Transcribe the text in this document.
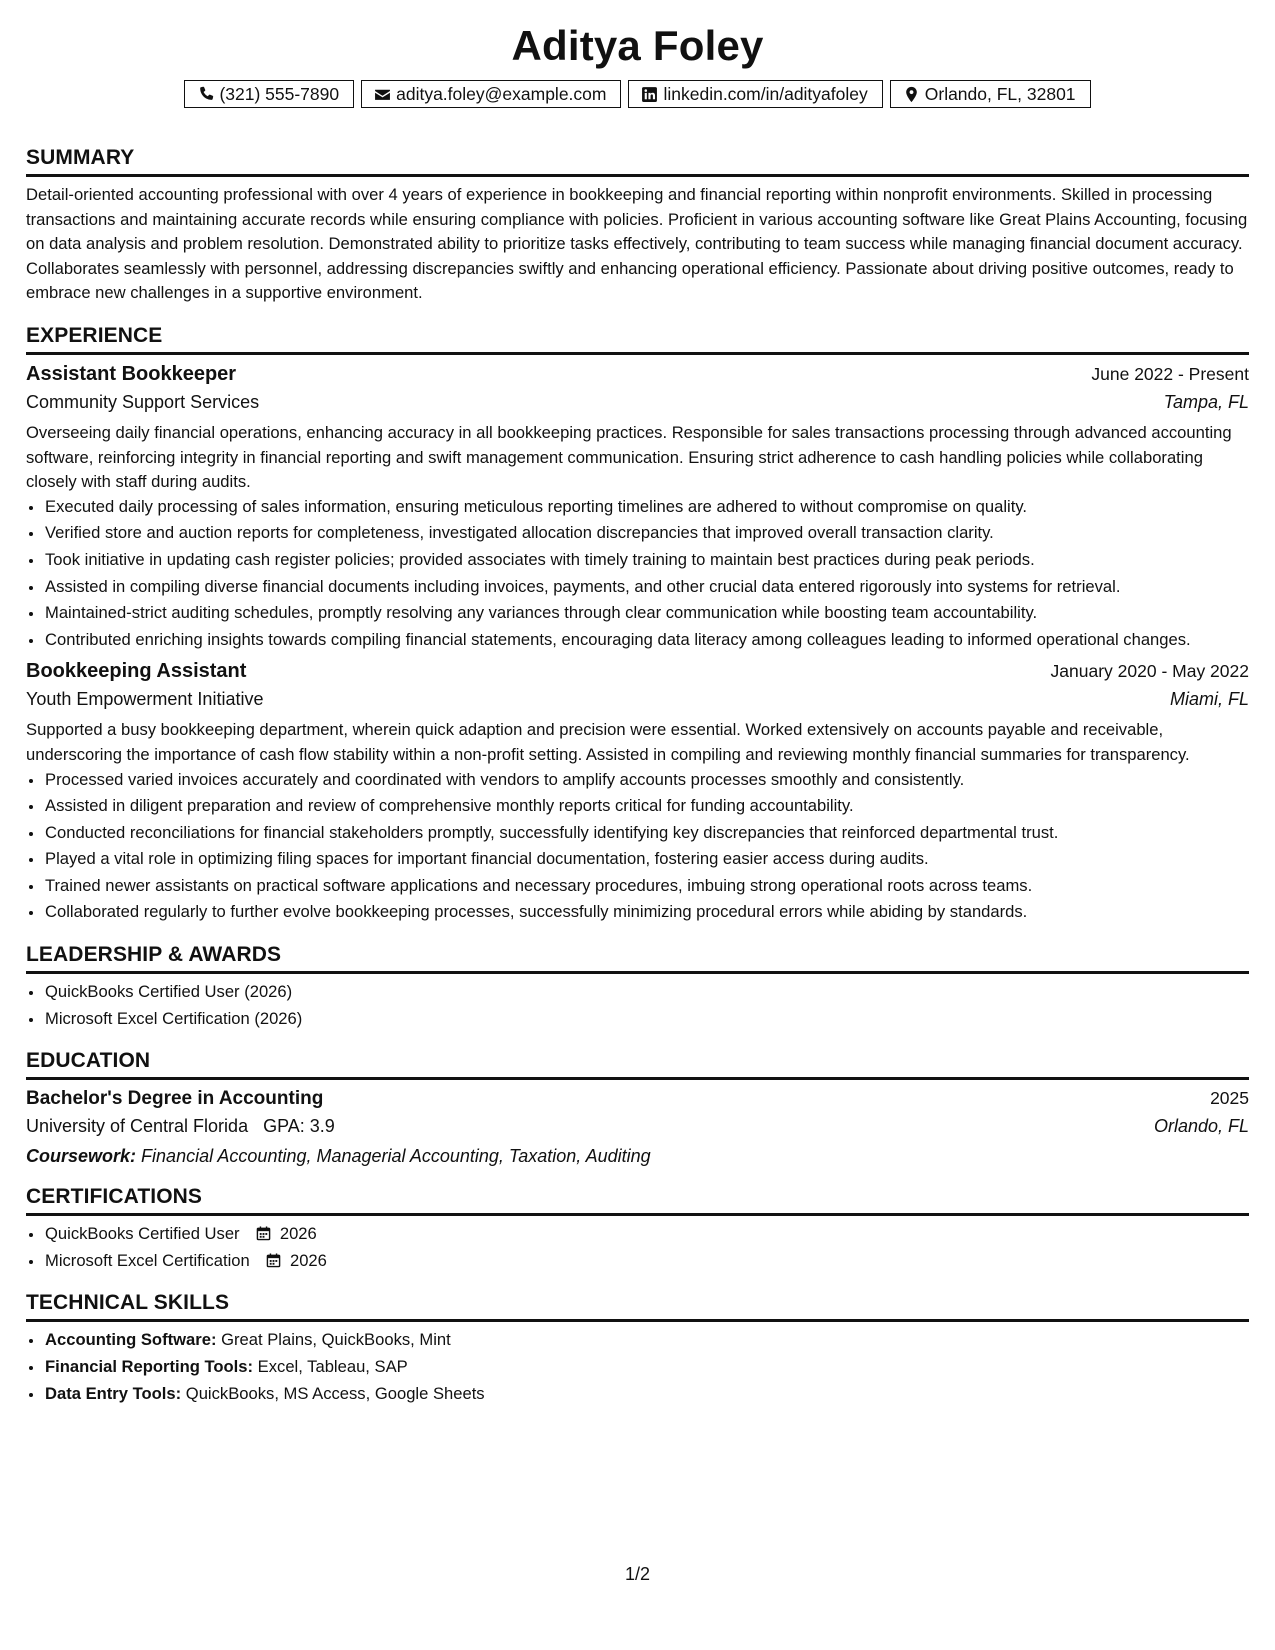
Aditya Foley
(321) 555-7890	aditya.foley@example.com	linkedin.com/in/adityafoley	Orlando, FL, 32801
SUMMARY

Detail-oriented accounting professional with over 4 years of experience in bookkeeping and financial reporting within nonprofit environments. Skilled in processing transactions and maintaining accurate records while ensuring compliance with policies. Proficient in various accounting software like Great Plains Accounting, focusing on data analysis and problem resolution. Demonstrated ability to prioritize tasks effectively, contributing to team success while managing financial document accuracy. Collaborates seamlessly with personnel, addressing discrepancies swiftly and enhancing operational efficiency. Passionate about driving positive outcomes, ready to embrace new challenges in a supportive environment.

EXPERIENCE
Assistant Bookkeeper	June 2022 - Present
Community Support Services	Tampa, FL

Overseeing daily financial operations, enhancing accuracy in all bookkeeping practices. Responsible for sales transactions processing through advanced accounting software, reinforcing integrity in financial reporting and swift management communication. Ensuring strict adherence to cash handling policies while collaborating closely with staff during audits.

• Executed daily processing of sales information, ensuring meticulous reporting timelines are adhered to without compromise on quality.
• Verified store and auction reports for completeness, investigated allocation discrepancies that improved overall transaction clarity.
• Took initiative in updating cash register policies; provided associates with timely training to maintain best practices during peak periods.
• Assisted in compiling diverse financial documents including invoices, payments, and other crucial data entered rigorously into systems for retrieval.
• Maintained-strict auditing schedules, promptly resolving any variances through clear communication while boosting team accountability.
• Contributed enriching insights towards compiling financial statements, encouraging data literacy among colleagues leading to informed operational changes.
Bookkeeping Assistant	January 2020 - May 2022
Youth Empowerment Initiative	Miami, FL

Supported a busy bookkeeping department, wherein quick adaption and precision were essential. Worked extensively on accounts payable and receivable, underscoring the importance of cash flow stability within a non-profit setting. Assisted in compiling and reviewing monthly financial summaries for transparency.

• Processed varied invoices accurately and coordinated with vendors to amplify accounts processes smoothly and consistently.
• Assisted in diligent preparation and review of comprehensive monthly reports critical for funding accountability.
• Conducted reconciliations for financial stakeholders promptly, successfully identifying key discrepancies that reinforced departmental trust.
• Played a vital role in optimizing filing spaces for important financial documentation, fostering easier access during audits.
• Trained newer assistants on practical software applications and necessary procedures, imbuing strong operational roots across teams.
• Collaborated regularly to further evolve bookkeeping processes, successfully minimizing procedural errors while abiding by standards.
LEADERSHIP & AWARDS
• QuickBooks Certified User (2026)
• Microsoft Excel Certification (2026)
EDUCATION
Bachelor's Degree in Accounting	2025
University of Central Florida GPA: 3.9	Orlando, FL
Coursework: Financial Accounting, Managerial Accounting, Taxation, Auditing
CERTIFICATIONS
• QuickBooks Certified User 2026
• Microsoft Excel Certification 2026
TECHNICAL SKILLS
• Accounting Software: Great Plains, QuickBooks, Mint
• Financial Reporting Tools: Excel, Tableau, SAP
• Data Entry Tools: QuickBooks, MS Access, Google Sheets
1/2
